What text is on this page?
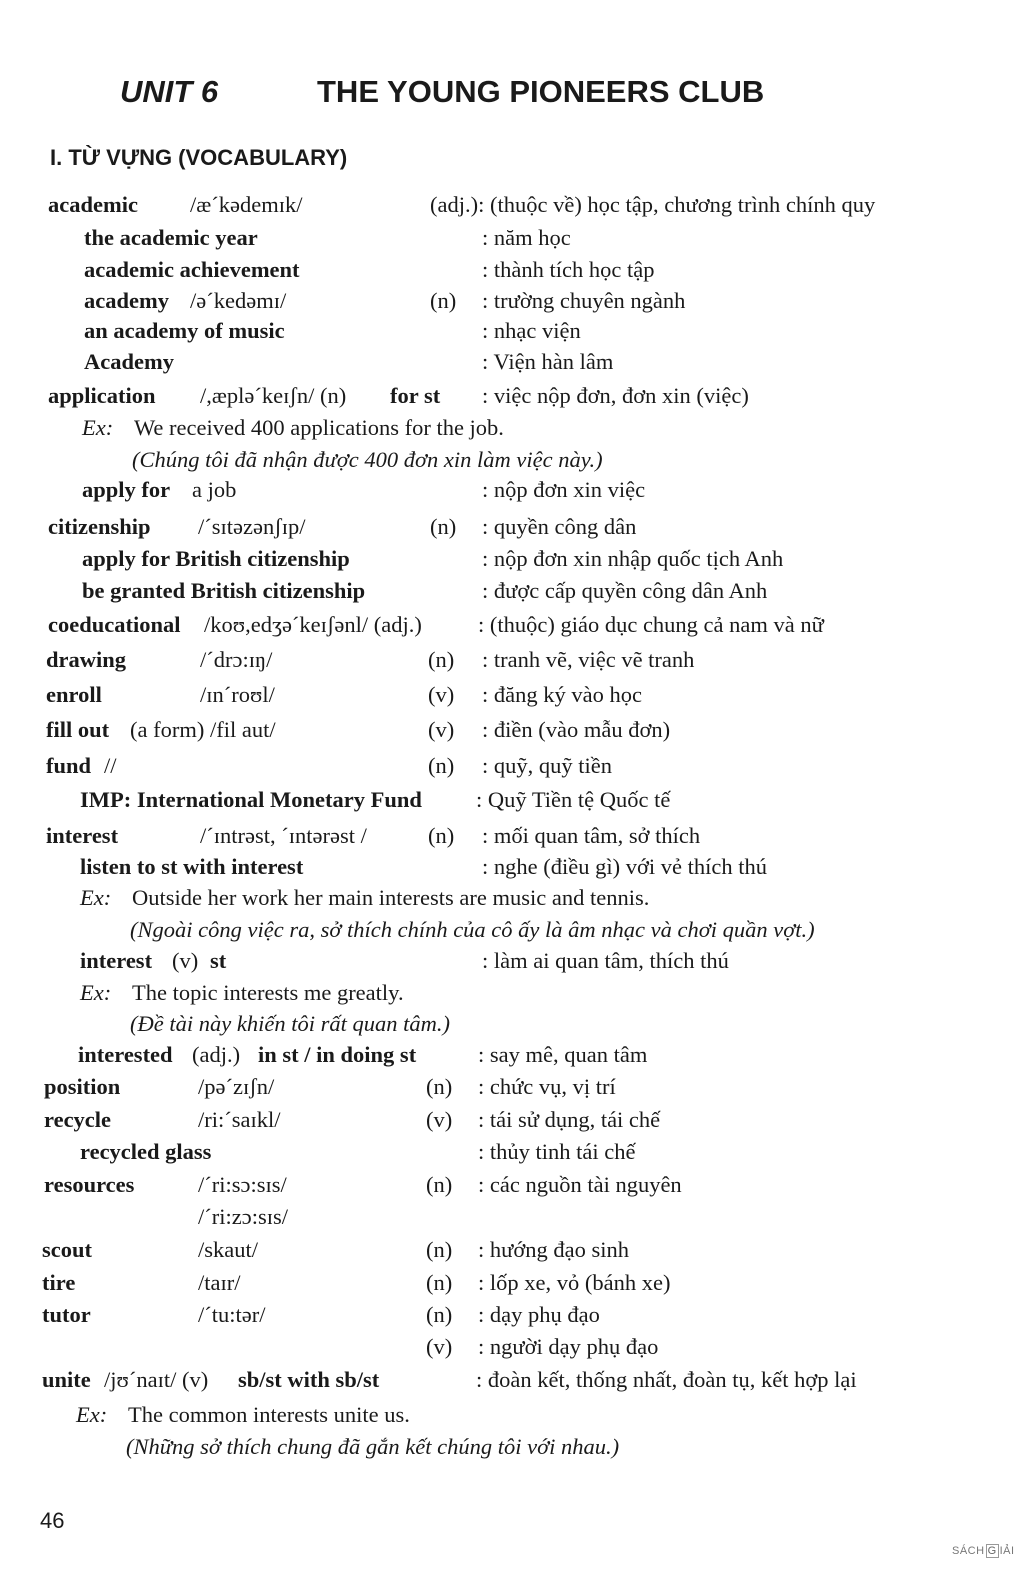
UNIT 6	THE YOUNG PIONEERS CLUB
I. TỪ VỰNG (VOCABULARY)
academic /æ´kədemɪk/	(adj.): (thuộc về) học tập, chương trình chính quy
the academic year	: năm học
academic achievement	: thành tích học tập
academy /ə´kedəmɪ/	(n) : trường chuyên ngành
an academy of music	: nhạc viện
Academy	: Viện hàn lâm
application /,æplə´keɪʃn/ (n) for st : việc nộp đơn, đơn xin (việc)
Ex: We received 400 applications for the job.
(Chúng tôi đã nhận được 400 đơn xin làm việc này.)
apply for a job	: nộp đơn xin việc
citizenship /´sɪtəzənʃɪp/	(n) : quyền công dân
apply for British citizenship	: nộp đơn xin nhập quốc tịch Anh
be granted British citizenship	: được cấp quyền công dân Anh
coeducational /koʊ,edʒə´keɪʃənl/ (adj.) : (thuộc) giáo dục chung cả nam và nữ
drawing	/´drɔ:ɪŋ/	(n) : tranh vẽ, việc vẽ tranh
enroll	/ɪn´roʊl/	(v) : đăng ký vào học
fill out (a form) /fil aut/	(v) : điền (vào mẫu đơn)
fund //	(n) : quỹ, quỹ tiền
IMP: International Monetary Fund : Quỹ Tiền tệ Quốc tế
interest	/´ɪntrəst, ´ɪntərəst /	(n) : mối quan tâm, sở thích
listen to st with interest	: nghe (điều gì) với vẻ thích thú
Ex: Outside her work her main interests are music and tennis.
(Ngoài công việc ra, sở thích chính của cô ấy là âm nhạc và chơi quần vợt.)
interest (v) st	: làm ai quan tâm, thích thú
Ex: The topic interests me greatly.
(Đề tài này khiến tôi rất quan tâm.)
interested (adj.) in st / in doing st	: say mê, quan tâm
position	/pə´zɪʃn/	(n) : chức vụ, vị trí
recycle	/ri:´saɪkl/	(v) : tái sử dụng, tái chế
recycled glass	: thủy tinh tái chế
resources	/´ri:sɔ:sɪs/	(n) : các nguồn tài nguyên
/´ri:zɔ:sɪs/
scout	/skaut/	(n) : hướng đạo sinh
tire	/taɪr/	(n) : lốp xe, vỏ (bánh xe)
tutor	/´tu:tər/	(n) : dạy phụ đạo
(v) : người dạy phụ đạo
unite /jʊ´naɪt/ (v) sb/st with sb/st	: đoàn kết, thống nhất, đoàn tụ, kết hợp lại
Ex: The common interests unite us.
(Những sở thích chung đã gắn kết chúng tôi với nhau.)
46
SÁCH G IẢI
